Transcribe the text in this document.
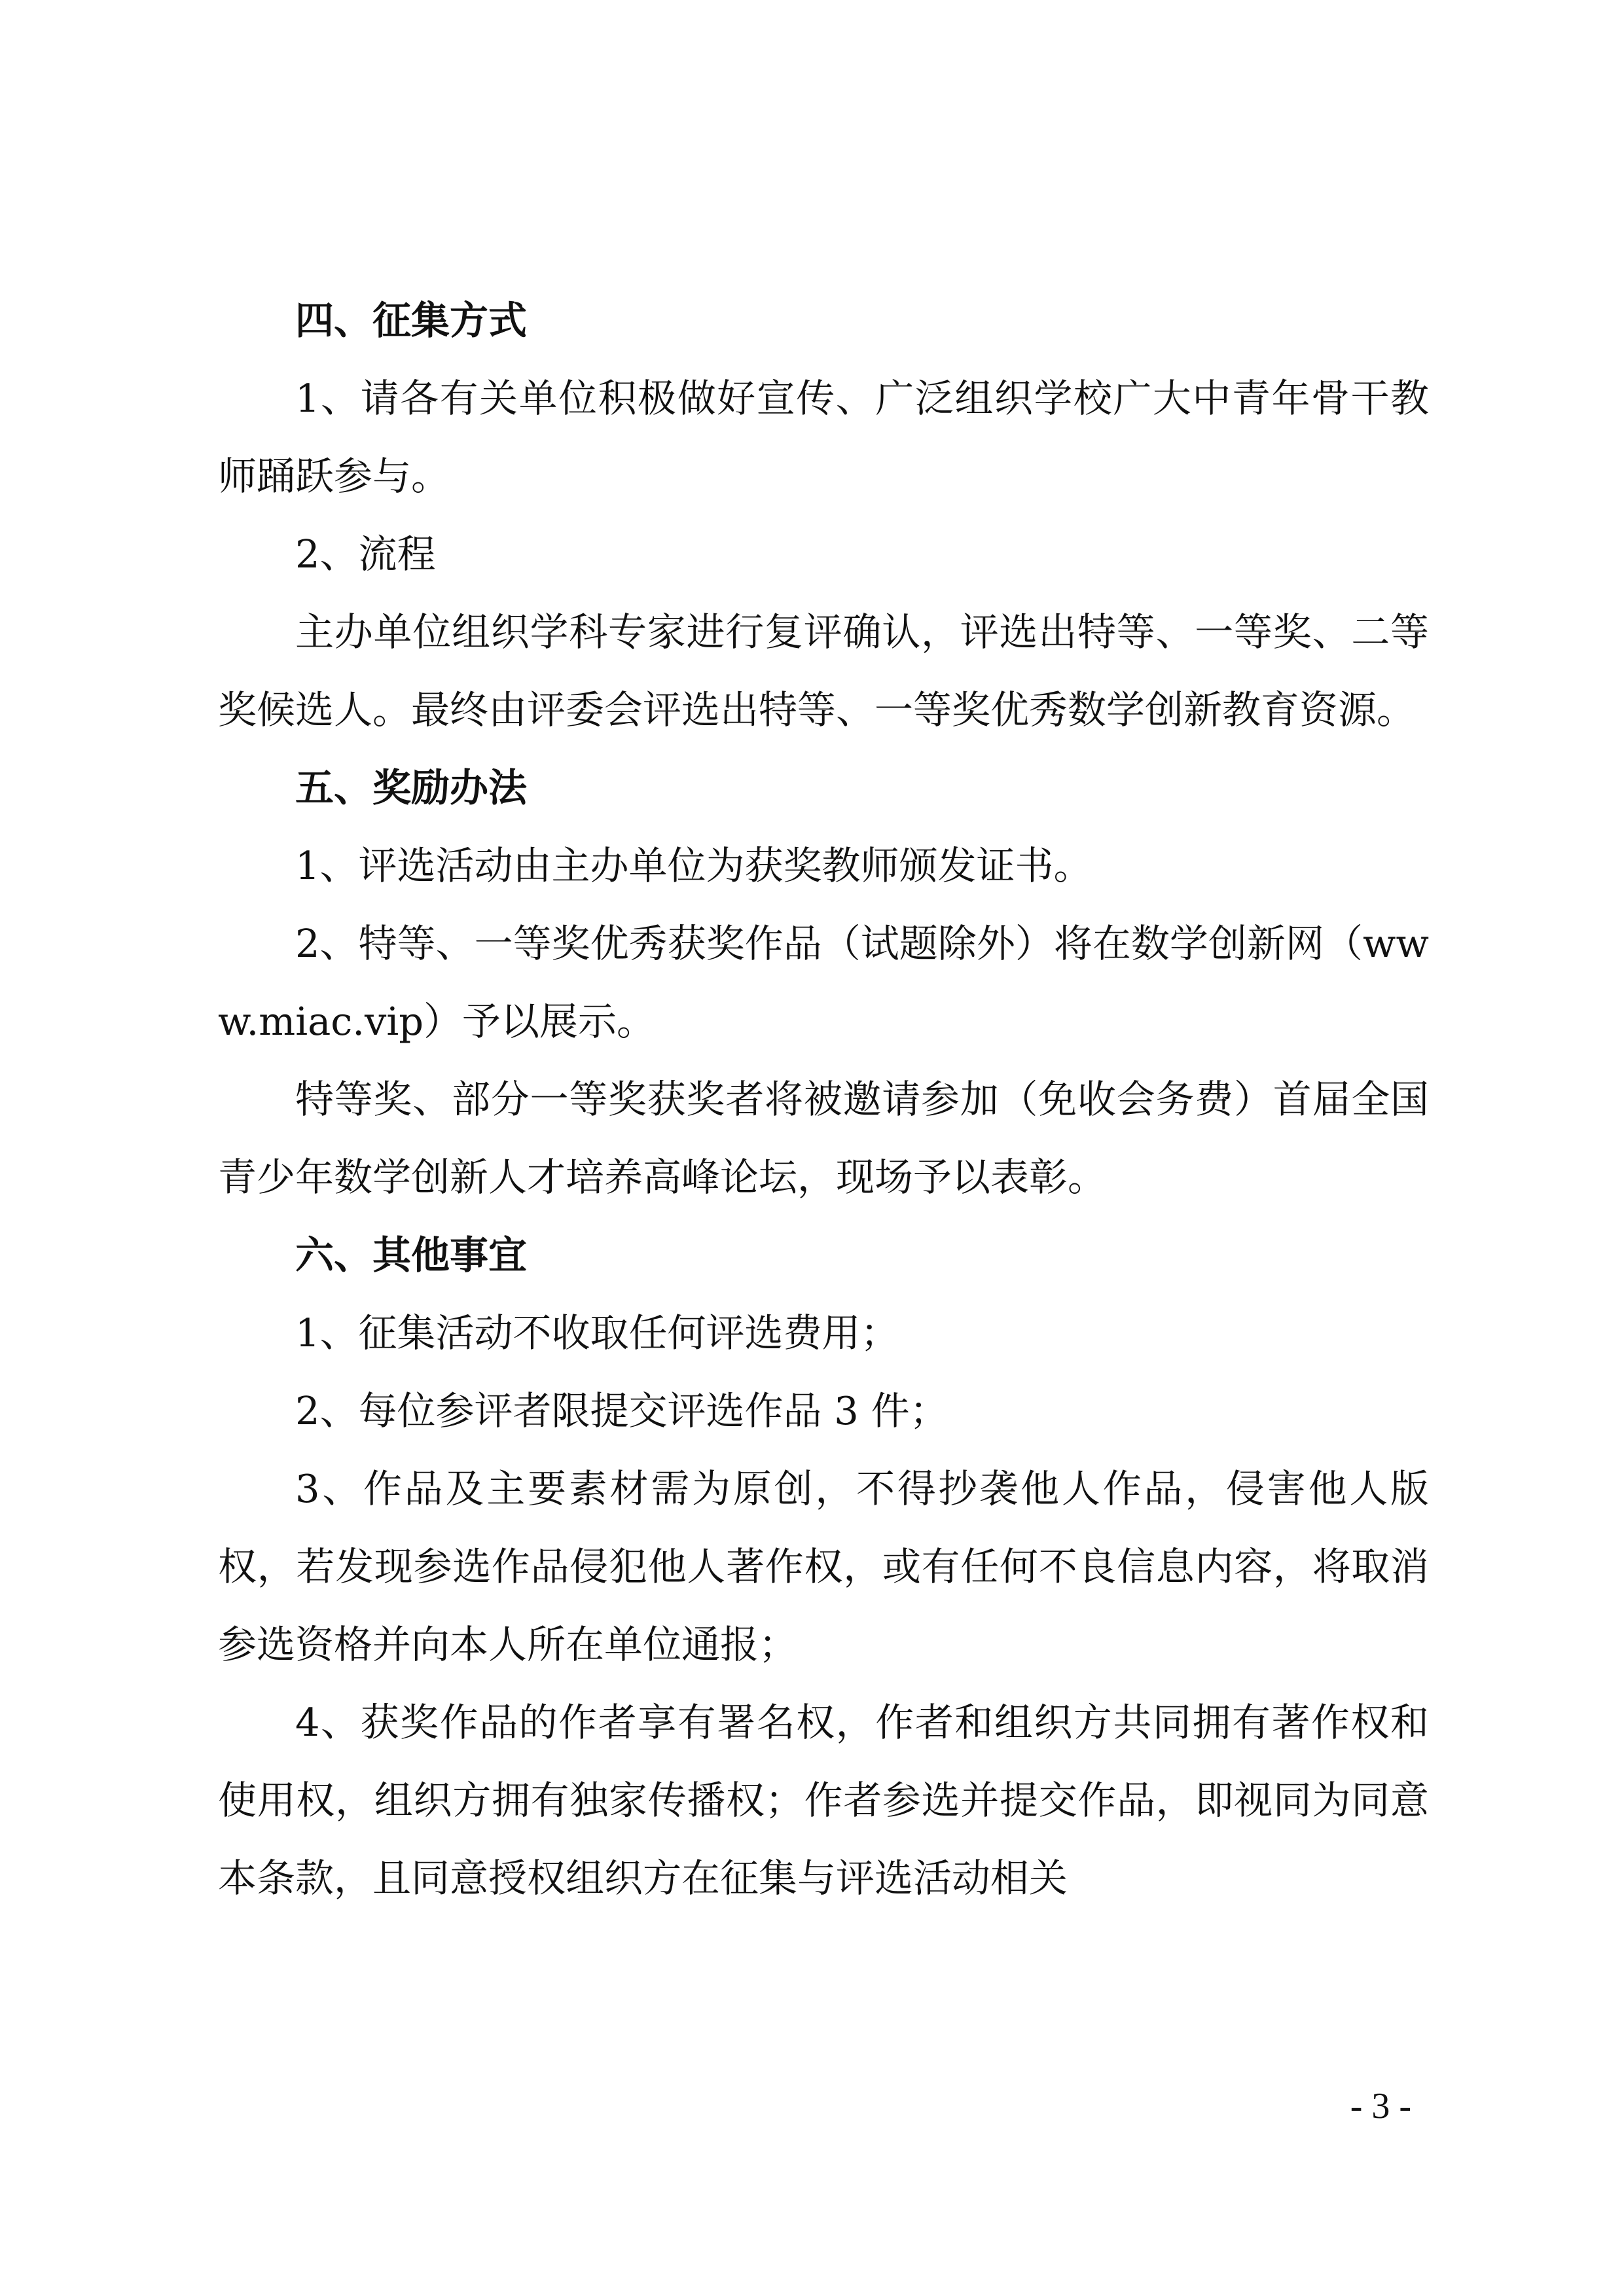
四、征集方式

1、请各有关单位积极做好宣传、广泛组织学校广大中青年骨干教师踊跃参与。

2、流程

主办单位组织学科专家进行复评确认，评选出特等、一等奖、二等奖候选人。最终由评委会评选出特等、一等奖优秀数学创新教育资源。

五、奖励办法

1、评选活动由主办单位为获奖教师颁发证书。

2、特等、一等奖优秀获奖作品（试题除外）将在数学创新网（www.miac.vip）予以展示。

特等奖、部分一等奖获奖者将被邀请参加（免收会务费）首届全国青少年数学创新人才培养高峰论坛，现场予以表彰。

六、其他事宜

1、征集活动不收取任何评选费用；

2、每位参评者限提交评选作品 3 件；

3、作品及主要素材需为原创，不得抄袭他人作品，侵害他人版权，若发现参选作品侵犯他人著作权，或有任何不良信息内容，将取消参选资格并向本人所在单位通报；

4、获奖作品的作者享有署名权，作者和组织方共同拥有著作权和使用权，组织方拥有独家传播权；作者参选并提交作品，即视同为同意本条款，且同意授权组织方在征集与评选活动相关

- 3 -
